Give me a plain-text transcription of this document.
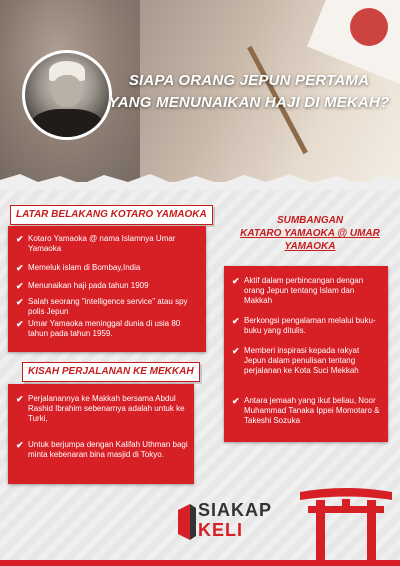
SIAPA ORANG JEPUN PERTAMA
YANG MENUNAIKAN HAJI DI MEKAH?
LATAR BELAKANG KOTARO YAMAOKA
✔ Kotaro Yamaoka @ nama Islamnya Umar Yamaoka
✔ Memeluk islam di Bombay,India
✔ Menunaikan haji pada tahun 1909
✔ Salah seorang "intelligence service" atau spy polis Jepun
✔ Umar Yamaoka meninggal dunia di usia 80 tahun pada tahun 1959.
KISAH PERJALANAN KE MEKKAH
✔ Perjalanannya ke Makkah bersama Abdul Rashid Ibrahim sebenarnya adalah untuk ke Turki,
✔ Untuk berjumpa dengan Kalifah Uthman bagi minta kebenaran bina masjid di Tokyo.
SUMBANGAN
KATARO YAMAOKA @ UMAR YAMAOKA
✔ Aktif dalam perbincangan dengan orang Jepun tentang Islam dan Makkah
✔ Berkongsi pengalaman melalui buku-buku yang ditulis.
✔ Memberi inspirasi kepada rakyat Jepun dalam penulisan tentang perjalanan ke Kota Suci Mekkah
✔ Antara jemaah yang ikut beliau, Noor Muhammad Tanaka Ippei Momotaro & Takeshi Sozuka
SIAKAP
KELI
